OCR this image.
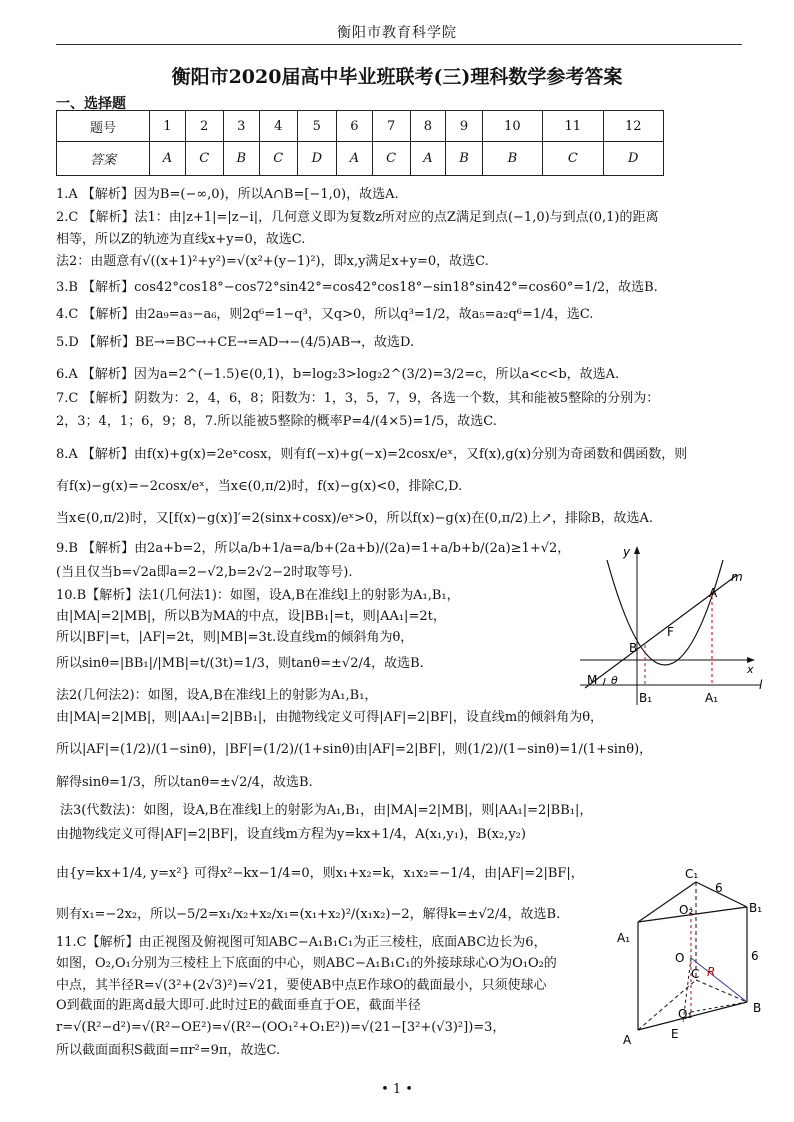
衡阳市教育科学院
衡阳市2020届高中毕业班联考(三)理科数学参考答案
一、选择题
题号	1	2	3	4	5	6	7	8	9	10	11	12
答案	A	C	B	C	D	A	C	A	B	B	C	D
1.A 【解析】因为B=(−∞,0)，所以A∩B=[−1,0)，故选A.
2.C 【解析】法1：由|z+1|=|z−i|，几何意义即为复数z所对应的点Z满足到点(−1,0)与到点(0,1)的距离
相等，所以Z的轨迹为直线x+y=0，故选C.
法2：由题意有√((x+1)²+y²)=√(x²+(y−1)²)，即x,y满足x+y=0，故选C.
3.B 【解析】cos42°cos18°−cos72°sin42°=cos42°cos18°−sin18°sin42°=cos60°=1/2，故选B.
4.C 【解析】由2a₉=a₃−a₆，则2q⁶=1−q³，又q>0，所以q³=1/2，故a₅=a₂q⁶=1/4，选C.
5.D 【解析】BE→=BC→+CE→=AD→−(4/5)AB→，故选D.
6.A 【解析】因为a=2^(−1.5)∈(0,1)，b=log₂3>log₂2^(3/2)=3/2=c，所以a<c<b，故选A.
7.C 【解析】阴数为：2，4，6，8；阳数为：1，3，5，7，9，各选一个数，其和能被5整除的分别为：
2，3；4，1；6，9；8，7.所以能被5整除的概率P=4/(4×5)=1/5，故选C.
8.A 【解析】由f(x)+g(x)=2eˣcosx，则有f(−x)+g(−x)=2cosx/eˣ，又f(x),g(x)分别为奇函数和偶函数，则
有f(x)−g(x)=−2cosx/eˣ，当x∈(0,π/2)时，f(x)−g(x)<0，排除C,D.
当x∈(0,π/2)时，又[f(x)−g(x)]′=2(sinx+cosx)/eˣ>0，所以f(x)−g(x)在(0,π/2)上↗，排除B，故选A.
9.B 【解析】由2a+b=2，所以a/b+1/a=a/b+(2a+b)/(2a)=1+a/b+b/(2a)≥1+√2，
(当且仅当b=√2a即a=2−√2,b=2√2−2时取等号).
10.B【解析】法1(几何法1)：如图，设A,B在准线l上的射影为A₁,B₁，
由|MA|=2|MB|，所以B为MA的中点，设|BB₁|=t，则|AA₁|=2t，
所以|BF|=t，|AF|=2t，则|MB|=3t.设直线m的倾斜角为θ，
所以sinθ=|BB₁|/|MB|=t/(3t)=1/3，则tanθ=±√2/4，故选B.
法2(几何法2)：如图，设A,B在准线l上的射影为A₁,B₁，
由|MA|=2|MB|，则|AA₁|=2|BB₁|，由抛物线定义可得|AF|=2|BF|，设直线m的倾斜角为θ，
所以|AF|=(1/2)/(1−sinθ)，|BF|=(1/2)/(1+sinθ)由|AF|=2|BF|，则(1/2)/(1−sinθ)=1/(1+sinθ)，
解得sinθ=1/3，所以tanθ=±√2/4，故选B.
法3(代数法)：如图，设A,B在准线l上的射影为A₁,B₁，由|MA|=2|MB|，则|AA₁|=2|BB₁|，
由抛物线定义可得|AF|=2|BF|，设直线m方程为y=kx+1/4，A(x₁,y₁)，B(x₂,y₂)
由{y=kx+1/4, y=x²} 可得x²−kx−1/4=0，则x₁+x₂=k，x₁x₂=−1/4，由|AF|=2|BF|，
则有x₁=−2x₂，所以−5/2=x₁/x₂+x₂/x₁=(x₁+x₂)²/(x₁x₂)−2，解得k=±√2/4，故选B.
11.C【解析】由正视图及俯视图可知ABC−A₁B₁C₁为正三棱柱，底面ABC边长为6，
如图，O₂,O₁分别为三棱柱上下底面的中心，则ABC−A₁B₁C₁的外接球球心O为O₁O₂的
中点，其半径R=√(3²+(2√3)²)=√21，要使AB中点E作球O的截面最小，只须使球心
O到截面的距离d最大即可.此时过E的截面垂直于OE，截面半径
r=√(R²−d²)=√(R²−OE²)=√(R²−(OO₁²+O₁E²))=√(21−[3²+(√3)²])=3，
所以截面面积S截面=πr²=9π，故选C.
y
m
A
F
B
x
M θ	l
B₁	A₁
C₁
6
B₁
O₂
A₁
O
C R
6
B
O₁
A	E
• 1 •
